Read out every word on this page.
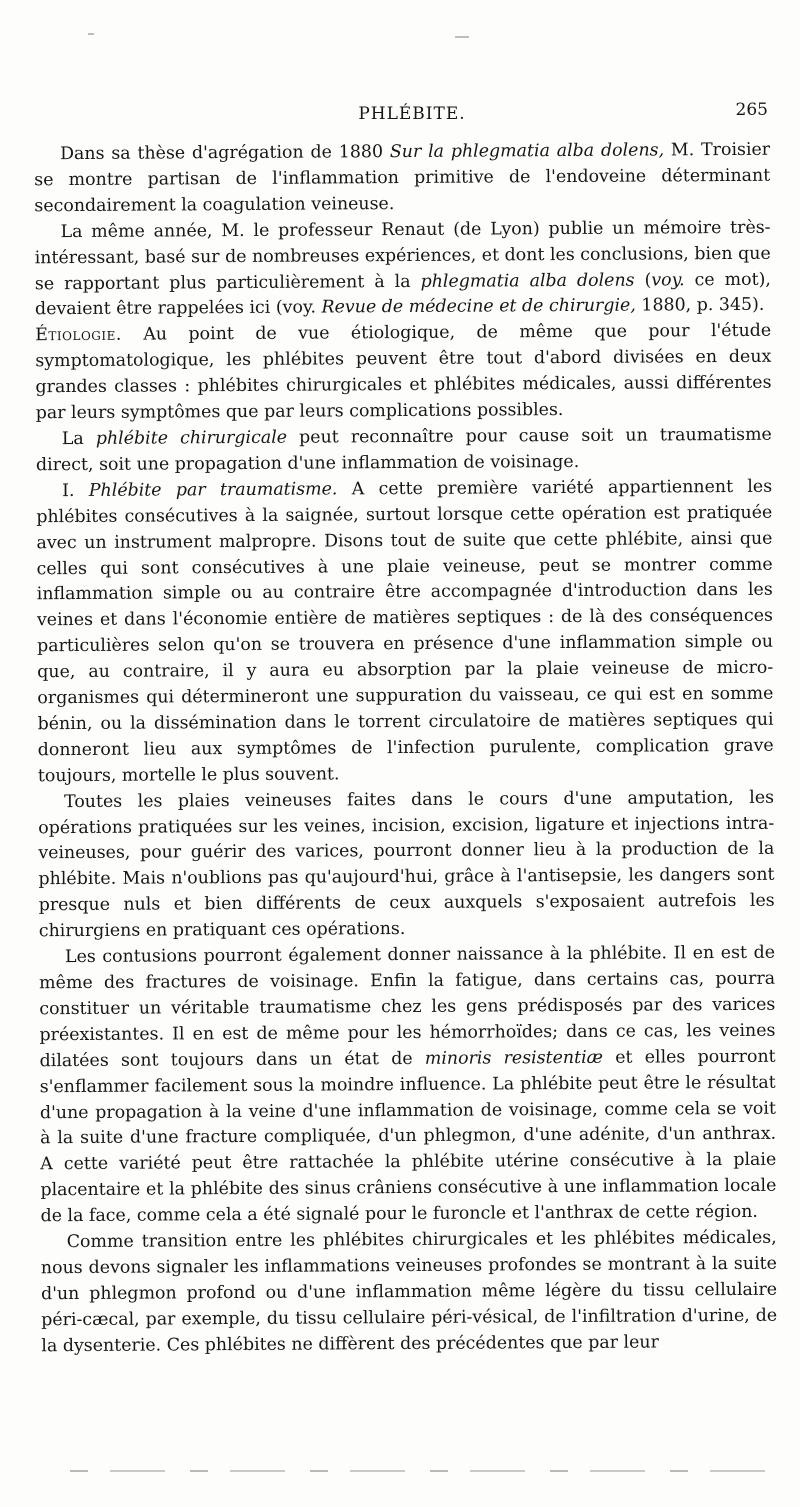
PHLÉBITE.	265

Dans sa thèse d'agrégation de 1880 Sur la phlegmatia alba dolens, M. Troisier se montre partisan de l'inflammation primitive de l'endoveine déterminant secondairement la coagulation veineuse.

La même année, M. le professeur Renaut (de Lyon) publie un mémoire très-intéressant, basé sur de nombreuses expériences, et dont les conclusions, bien que se rapportant plus particulièrement à la phlegmatia alba dolens (voy. ce mot), devaient être rappelées ici (voy. Revue de médecine et de chirurgie, 1880, p. 345).

Étiologie. Au point de vue étiologique, de même que pour l'étude symptomatologique, les phlébites peuvent être tout d'abord divisées en deux grandes classes : phlébites chirurgicales et phlébites médicales, aussi différentes par leurs symptômes que par leurs complications possibles.

La phlébite chirurgicale peut reconnaître pour cause soit un traumatisme direct, soit une propagation d'une inflammation de voisinage.

I. Phlébite par traumatisme. A cette première variété appartiennent les phlébites consécutives à la saignée, surtout lorsque cette opération est pratiquée avec un instrument malpropre. Disons tout de suite que cette phlébite, ainsi que celles qui sont consécutives à une plaie veineuse, peut se montrer comme inflammation simple ou au contraire être accompagnée d'introduction dans les veines et dans l'économie entière de matières septiques : de là des conséquences particulières selon qu'on se trouvera en présence d'une inflammation simple ou que, au contraire, il y aura eu absorption par la plaie veineuse de micro-organismes qui détermineront une suppuration du vaisseau, ce qui est en somme bénin, ou la dissémination dans le torrent circulatoire de matières septiques qui donneront lieu aux symptômes de l'infection purulente, complication grave toujours, mortelle le plus souvent.

Toutes les plaies veineuses faites dans le cours d'une amputation, les opérations pratiquées sur les veines, incision, excision, ligature et injections intra-veineuses, pour guérir des varices, pourront donner lieu à la production de la phlébite. Mais n'oublions pas qu'aujourd'hui, grâce à l'antisepsie, les dangers sont presque nuls et bien différents de ceux auxquels s'exposaient autrefois les chirurgiens en pratiquant ces opérations.

Les contusions pourront également donner naissance à la phlébite. Il en est de même des fractures de voisinage. Enfin la fatigue, dans certains cas, pourra constituer un véritable traumatisme chez les gens prédisposés par des varices préexistantes. Il en est de même pour les hémorrhoïdes; dans ce cas, les veines dilatées sont toujours dans un état de minoris resistentiæ et elles pourront s'enflammer facilement sous la moindre influence. La phlébite peut être le résultat d'une propagation à la veine d'une inflammation de voisinage, comme cela se voit à la suite d'une fracture compliquée, d'un phlegmon, d'une adénite, d'un anthrax. A cette variété peut être rattachée la phlébite utérine consécutive à la plaie placentaire et la phlébite des sinus crâniens consécutive à une inflammation locale de la face, comme cela a été signalé pour le furoncle et l'anthrax de cette région.

Comme transition entre les phlébites chirurgicales et les phlébites médicales, nous devons signaler les inflammations veineuses profondes se montrant à la suite d'un phlegmon profond ou d'une inflammation même légère du tissu cellulaire péri-cæcal, par exemple, du tissu cellulaire péri-vésical, de l'infiltration d'urine, de la dysenterie. Ces phlébites ne diffèrent des précédentes que par leur
